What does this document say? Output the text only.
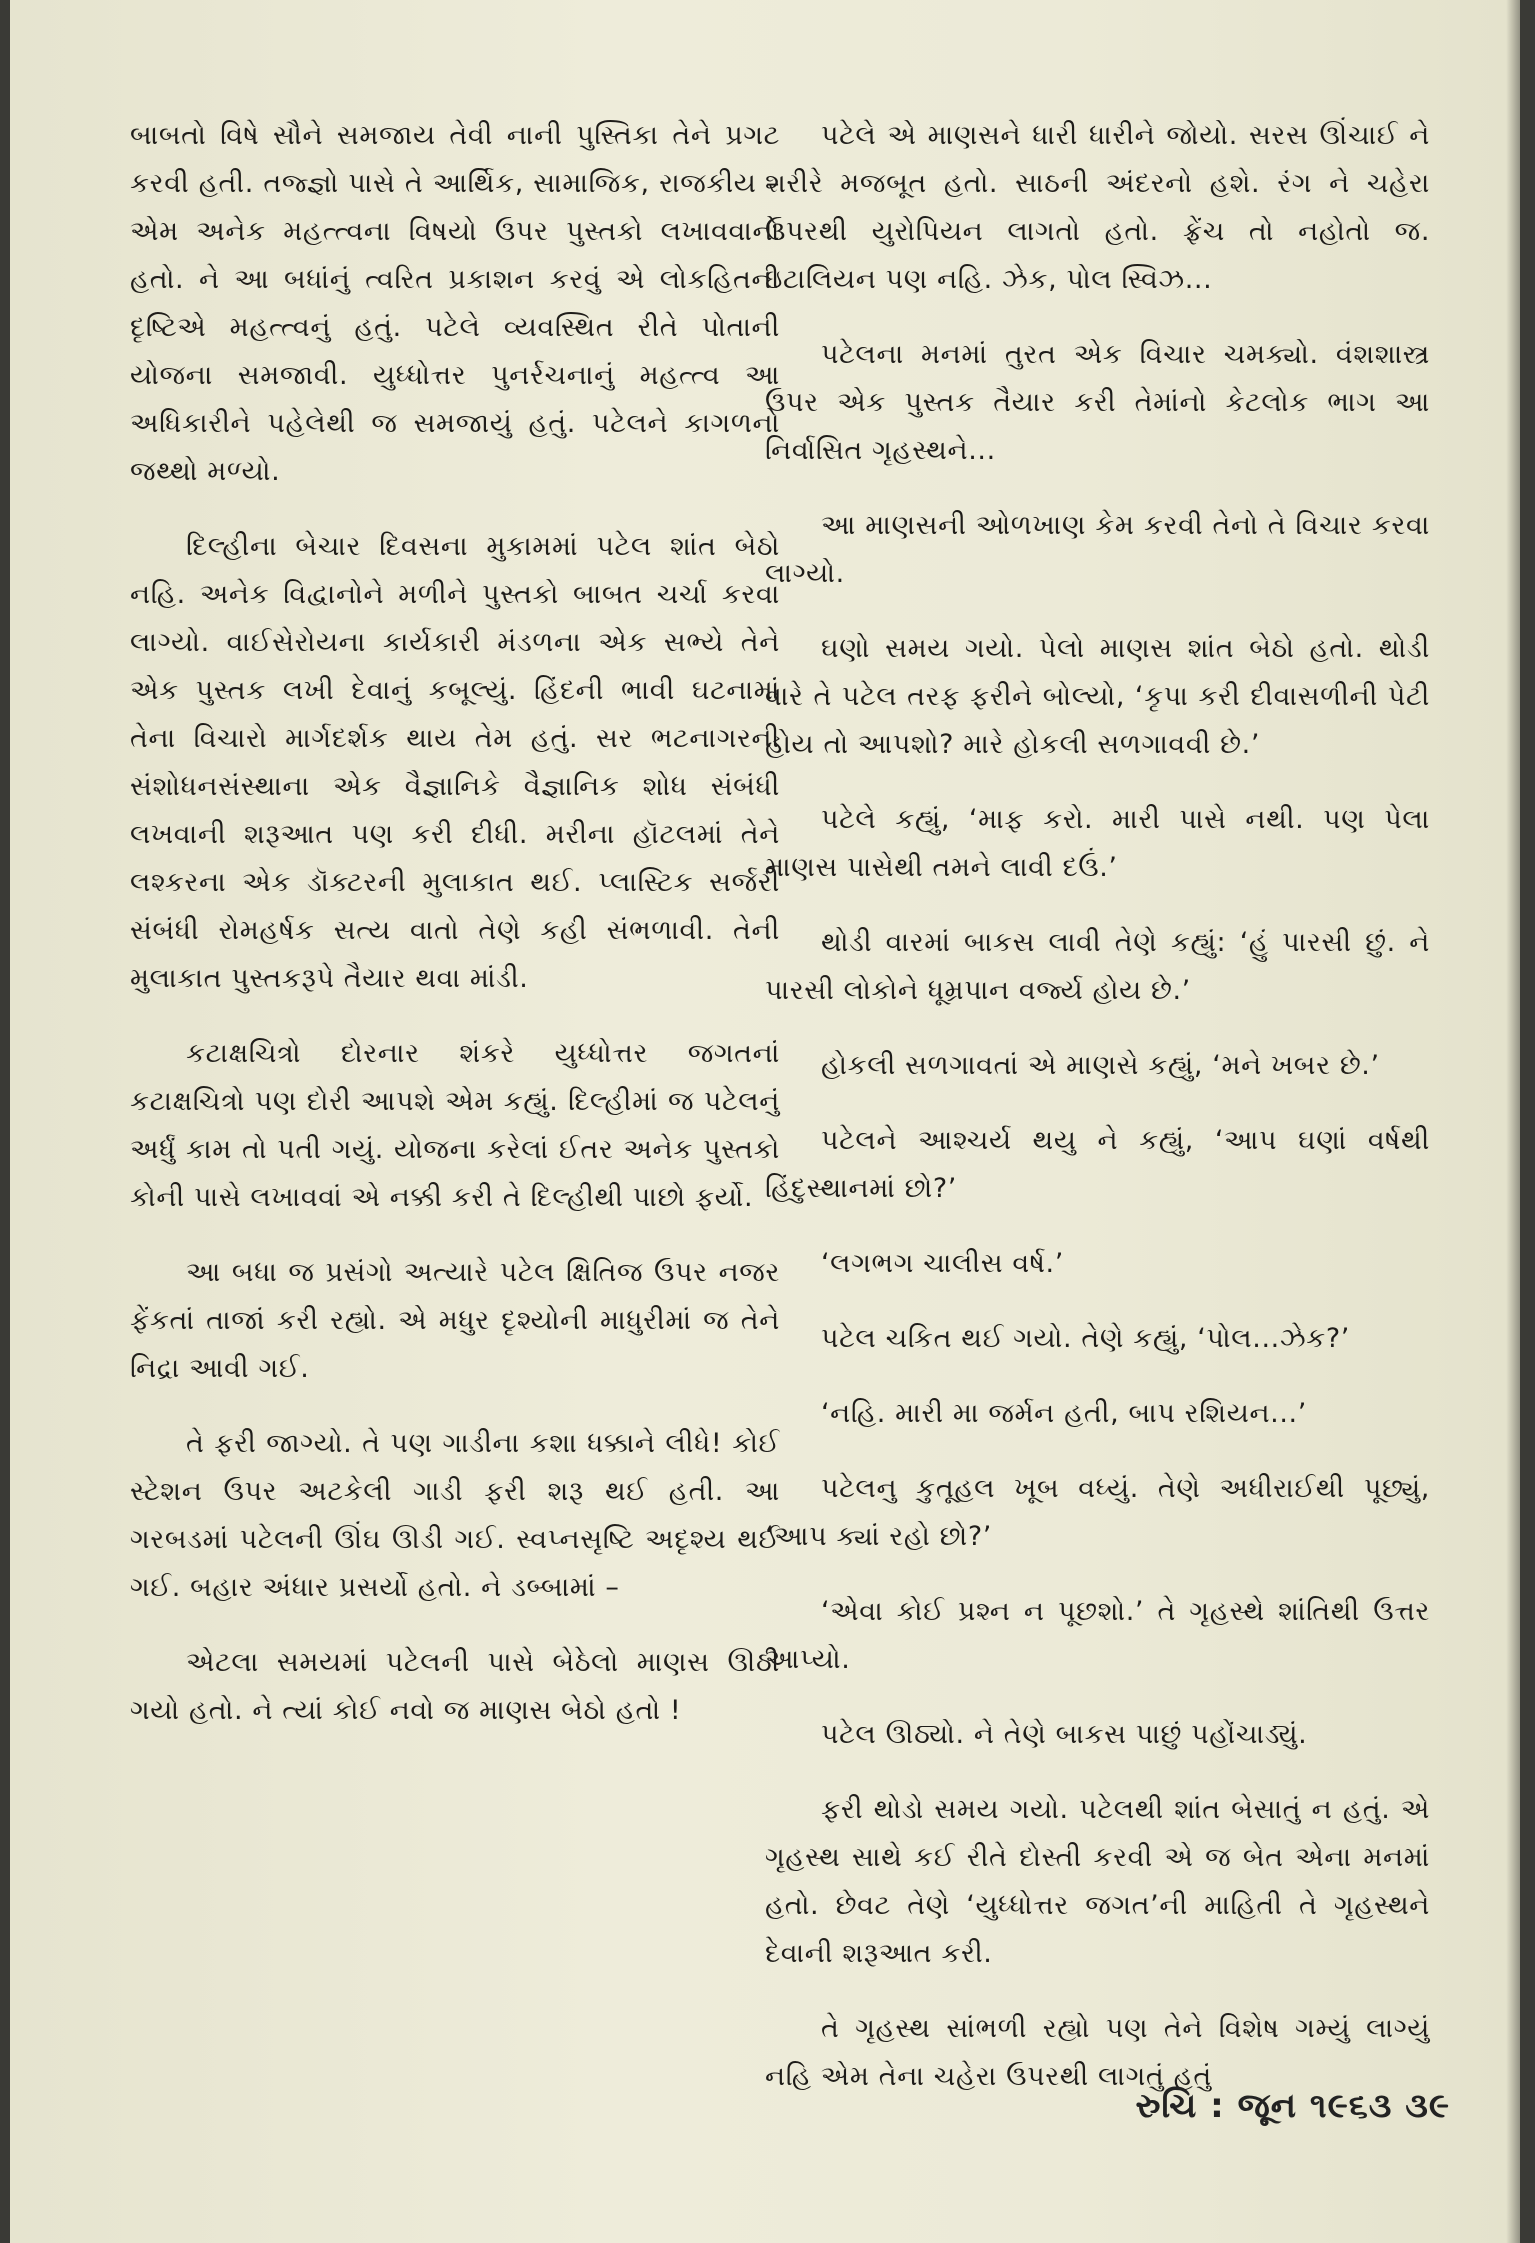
બાબતો વિષે સૌને સમજાય તેવી નાની પુસ્તિકા તેને પ્રગટ કરવી હતી. તજ્જ્ઞો પાસે તે આર્થિક, સામાજિક, રાજકીય – એમ અનેક મહત્ત્વના વિષયો ઉપર પુસ્તકો લખાવવાનો હતો. ને આ બધાંનું ત્વરિત પ્રકાશન કરવું એ લોકહિતની દૃષ્ટિએ મહત્ત્વનું હતું. પટેલે વ્યવસ્થિત રીતે પોતાની યોજના સમજાવી. યુધ્ધોત્તર પુનર્રચનાનું મહત્ત્વ આ અધિકારીને પહેલેથી જ સમજાયું હતું. પટેલને કાગળનો જથ્થો મળ્યો.

દિલ્હીના બેચાર દિવસના મુકામમાં પટેલ શાંત બેઠો નહિ. અનેક વિદ્વાનોને મળીને પુસ્તકો બાબત ચર્ચા કરવા લાગ્યો. વાઈસેરોયના કાર્યકારી મંડળના એક સભ્યે તેને એક પુસ્તક લખી દેવાનું કબૂલ્યું. હિંદની ભાવી ઘટનામાં તેના વિચારો માર્ગદર્શક થાય તેમ હતું. સર ભટનાગરની સંશોધનસંસ્થાના એક વૈજ્ઞાનિકે વૈજ્ઞાનિક શોધ સંબંધી લખવાની શરૂઆત પણ કરી દીધી. મરીના હૉટલમાં તેને લશ્કરના એક ડૉક્ટરની મુલાકાત થઈ. પ્લાસ્ટિક સર્જરી સંબંધી રોમહર્ષક સત્ય વાતો તેણે કહી સંભળાવી. તેની મુલાકાત પુસ્તકરૂપે તૈયાર થવા માંડી.

કટાક્ષચિત્રો દોરનાર શંકરે યુધ્ધોત્તર જગતનાં કટાક્ષચિત્રો પણ દોરી આપશે એમ કહ્યું. દિલ્હીમાં જ પટેલનું અર્ધું કામ તો પતી ગયું. યોજના કરેલાં ઈતર અનેક પુસ્તકો કોની પાસે લખાવવાં એ નક્કી કરી તે દિલ્હીથી પાછો ફર્યો.

આ બધા જ પ્રસંગો અત્યારે પટેલ ક્ષિતિજ ઉપર નજર ફેંકતાં તાજાં કરી રહ્યો. એ મધુર દૃશ્યોની માધુરીમાં જ તેને નિદ્રા આવી ગઈ.

તે ફરી જાગ્યો. તે પણ ગાડીના કશા ધક્કાને લીધે! કોઈ સ્ટેશન ઉપર અટકેલી ગાડી ફરી શરૂ થઈ હતી. આ ગરબડમાં પટેલની ઊંઘ ઊડી ગઈ. સ્વપ્નસૃષ્ટિ અદૃશ્ય થઈ ગઈ. બહાર અંધાર પ્રસર્યો હતો. ને ડબ્બામાં –

એટલા સમયમાં પટેલની પાસે બેઠેલો માણસ ઊઠી ગયો હતો. ને ત્યાં કોઈ નવો જ માણસ બેઠો હતો !

પટેલે એ માણસને ધારી ધારીને જોયો. સરસ ઊંચાઈ ને શરીરે મજબૂત હતો. સાઠની અંદરનો હશે. રંગ ને ચહેરા ઉપરથી યુરોપિયન લાગતો હતો. ફ્રેંચ તો નહોતો જ. ઇટાલિયન પણ નહિ. ઝેક, પોલ સ્વિઝ...

પટેલના મનમાં તુરત એક વિચાર ચમક્યો. વંશશાસ્ત્ર ઉપર એક પુસ્તક તૈયાર કરી તેમાંનો કેટલોક ભાગ આ નિર્વાસિત ગૃહસ્થને...

આ માણસની ઓળખાણ કેમ કરવી તેનો તે વિચાર કરવા લાગ્યો.

ઘણો સમય ગયો. પેલો માણસ શાંત બેઠો હતો. થોડી વારે તે પટેલ તરફ ફરીને બોલ્યો, ‘કૃપા કરી દીવાસળીની પેટી હોય તો આપશો? મારે હોકલી સળગાવવી છે.’

પટેલે કહ્યું, ‘માફ કરો. મારી પાસે નથી. પણ પેલા માણસ પાસેથી તમને લાવી દઉં.’

થોડી વારમાં બાકસ લાવી તેણે કહ્યું: ‘હું પારસી છું. ને પારસી લોકોને ધૂમ્રપાન વર્જ્ય હોય છે.’

હોકલી સળગાવતાં એ માણસે કહ્યું, ‘મને ખબર છે.’

પટેલને આશ્ચર્ય થયુ ને કહ્યું, ‘આપ ઘણાં વર્ષથી હિંદુસ્થાનમાં છો?’

‘લગભગ ચાલીસ વર્ષ.’

પટેલ ચકિત થઈ ગયો. તેણે કહ્યું, ‘પોલ...ઝેક?’

‘નહિ. મારી મા જર્મન હતી, બાપ રશિયન...’

પટેલનુ કુતૂહલ ખૂબ વધ્યું. તેણે અધીરાઈથી પૂછ્યું, ‘આપ ક્યાં રહો છો?’

‘એવા કોઈ પ્રશ્ન ન પૂછશો.’ તે ગૃહસ્થે શાંતિથી ઉત્તર આપ્યો.

પટેલ ઊઠ્યો. ને તેણે બાકસ પાછું પહોંચાડ્યું.

ફરી થોડો સમય ગયો. પટેલથી શાંત બેસાતું ન હતું. એ ગૃહસ્થ સાથે કઈ રીતે દોસ્તી કરવી એ જ બેત એના મનમાં હતો. છેવટ તેણે ‘યુધ્ધોત્તર જગત’ની માહિતી તે ગૃહસ્થને દેવાની શરૂઆત કરી.

તે ગૃહસ્થ સાંભળી રહ્યો પણ તેને વિશેષ ગમ્યું લાગ્યું નહિ એમ તેના ચહેરા ઉપરથી લાગતું હતું

રુચિ : જૂન ૧૯૬૩ ૩૯
